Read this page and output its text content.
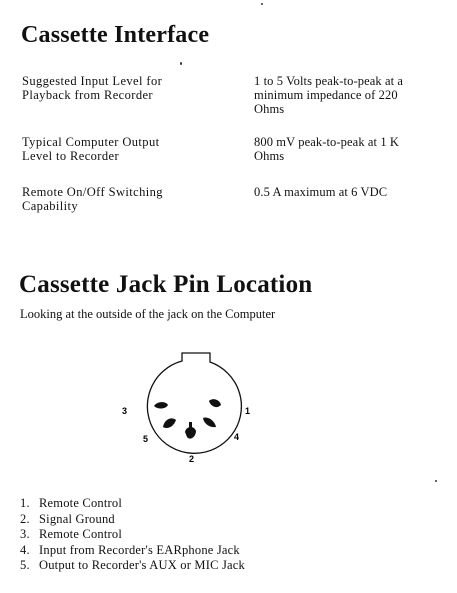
Cassette Interface
Suggested Input Level for
Playback from Recorder
1 to 5 Volts peak-to-peak at a
minimum impedance of 220
Ohms
Typical Computer Output
Level to Recorder
800 mV peak-to-peak at 1 K
Ohms
Remote On/Off Switching
Capability
0.5 A maximum at 6 VDC
Cassette Jack Pin Location
Looking at the outside of the jack on the Computer
3	1
5	4
2
1. Remote Control
2. Signal Ground
3. Remote Control
4. Input from Recorder's EARphone Jack
5. Output to Recorder's AUX or MIC Jack
